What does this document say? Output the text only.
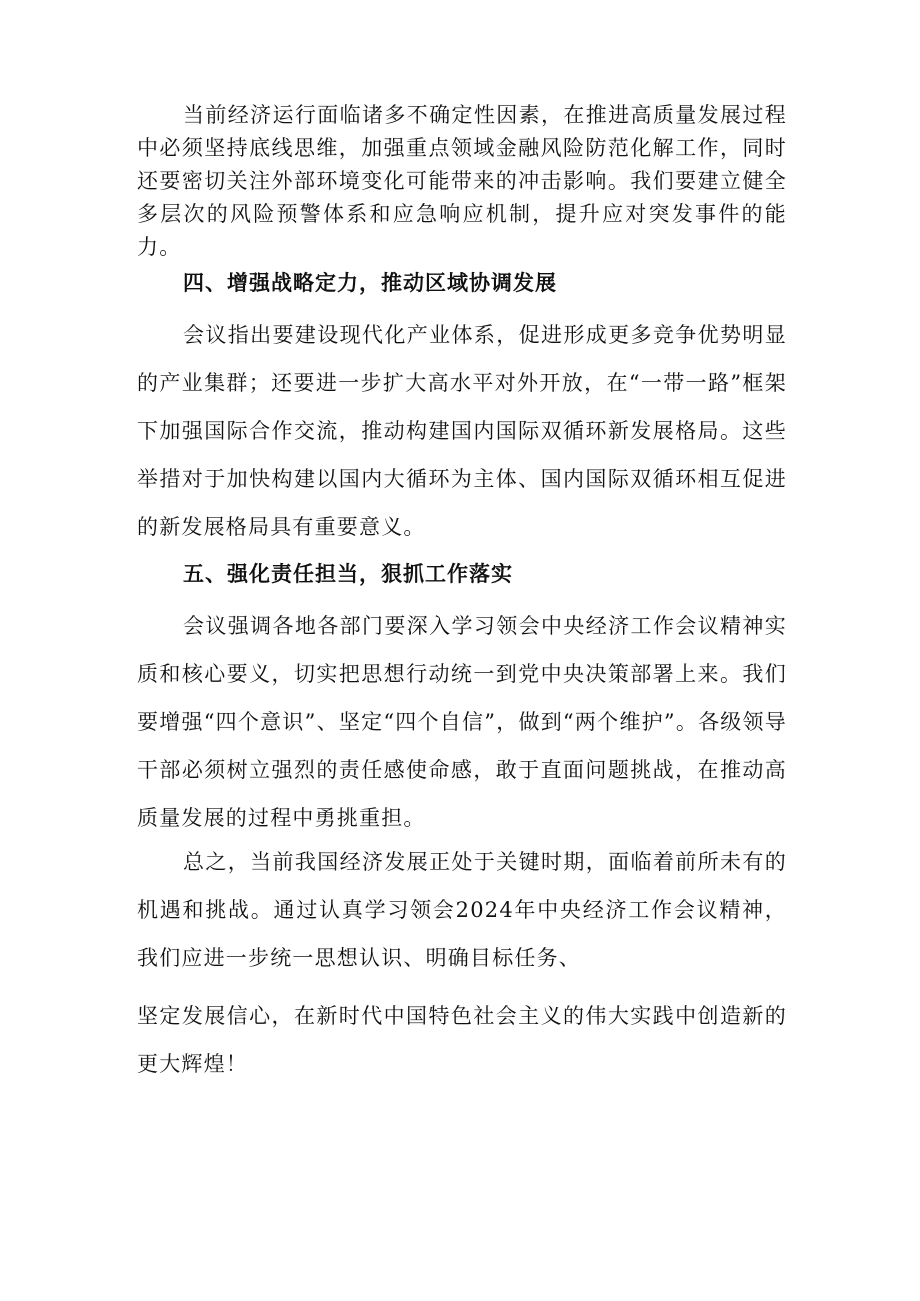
当前经济运行面临诸多不确定性因素，在推进高质量发展过程中必须坚持底线思维，加强重点领域金融风险防范化解工作，同时还要密切关注外部环境变化可能带来的冲击影响。我们要建立健全多层次的风险预警体系和应急响应机制，提升应对突发事件的能力。

四、增强战略定力，推动区域协调发展

会议指出要建设现代化产业体系，促进形成更多竞争优势明显的产业集群；还要进一步扩大高水平对外开放，在“一带一路”框架下加强国际合作交流，推动构建国内国际双循环新发展格局。这些举措对于加快构建以国内大循环为主体、国内国际双循环相互促进的新发展格局具有重要意义。

五、强化责任担当，狠抓工作落实

会议强调各地各部门要深入学习领会中央经济工作会议精神实质和核心要义，切实把思想行动统一到党中央决策部署上来。我们要增强“四个意识”、坚定“四个自信”，做到“两个维护”。各级领导干部必须树立强烈的责任感使命感，敢于直面问题挑战，在推动高质量发展的过程中勇挑重担。

总之，当前我国经济发展正处于关键时期，面临着前所未有的机遇和挑战。通过认真学习领会2024年中央经济工作会议精神，我们应进一步统一思想认识、明确目标任务、

坚定发展信心，在新时代中国特色社会主义的伟大实践中创造新的更大辉煌！
